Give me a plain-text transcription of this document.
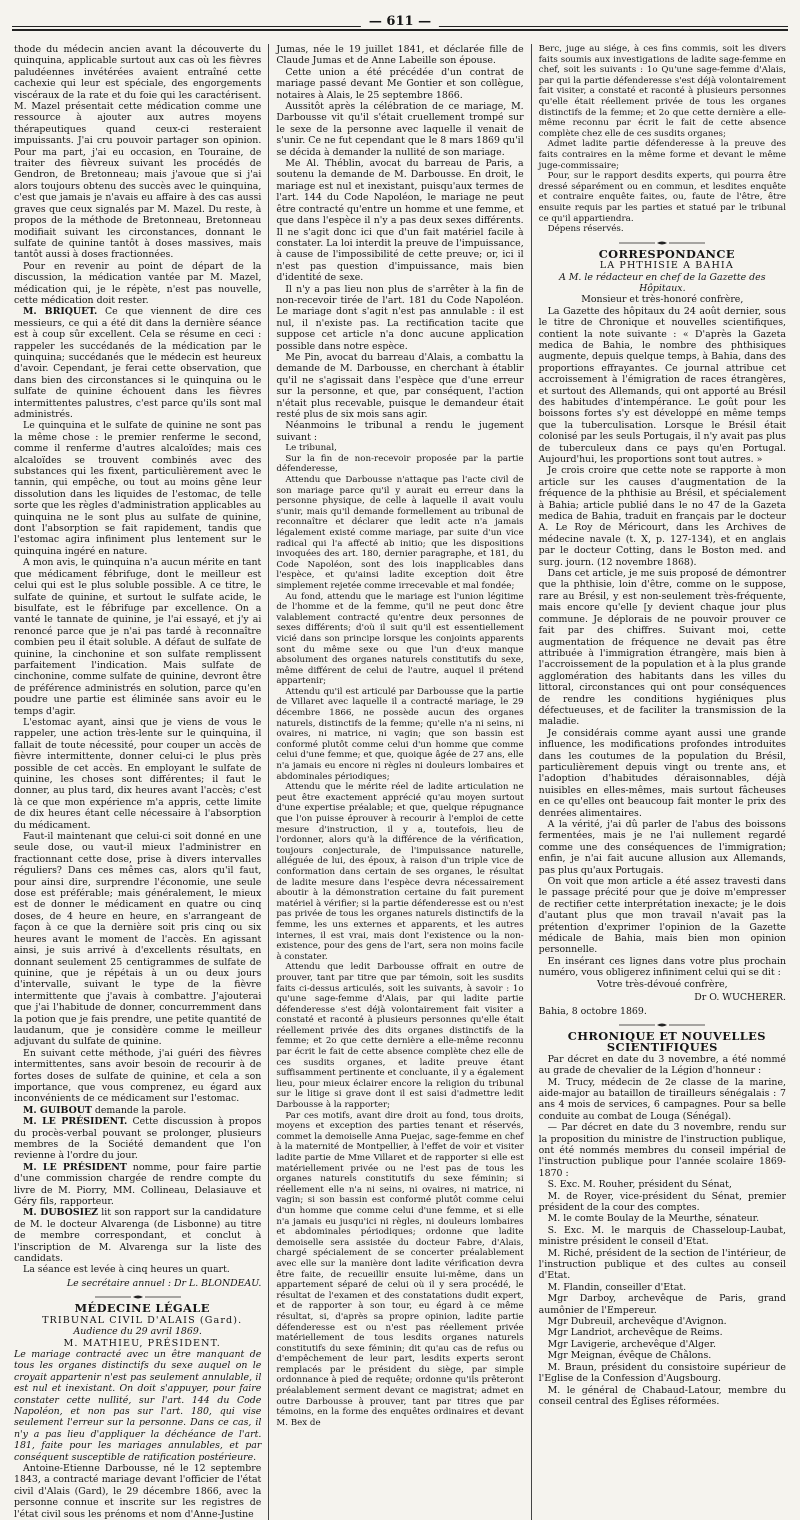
— 611 —

thode du médecin ancien avant la découverte du quinquina, applicable surtout aux cas où les fièvres paludéennes invétérées avaient entraîné cette cachexie qui leur est spéciale, des engorgements viscéraux de la rate et du foie qui les caractérisent. M. Mazel présentait cette médication comme une ressource à ajouter aux autres moyens thérapeutiques quand ceux-ci resteraient impuissants. J'ai cru pouvoir partager son opinion. Pour ma part, j'ai eu occasion, en Touraine, de traiter des fièvreux suivant les procédés de Gendron, de Bretonneau; mais j'avoue que si j'ai alors toujours obtenu des succès avec le quinquina, c'est que jamais je n'avais eu affaire à des cas aussi graves que ceux signalés par M. Mazel. Du reste, à propos de la méthode de Bretonneau, Bretonneau modifiait suivant les circonstances, donnant le sulfate de quinine tantôt à doses massives, mais tantôt aussi à doses fractionnées.

Pour en revenir au point de départ de la discussion, la médication vantée par M. Mazel, médication qui, je le répète, n'est pas nouvelle, cette médication doit rester.

M. BRIQUET. Ce que viennent de dire ces messieurs, ce qui a été dit dans la dernière séance est à coup sûr excellent. Cela se résume en ceci : rappeler les succédanés de la médication par le quinquina; succédanés que le médecin est heureux d'avoir. Cependant, je ferai cette observation, que dans bien des circonstances si le quinquina ou le sulfate de quinine échouent dans les fièvres intermittentes palustres, c'est parce qu'ils sont mal administrés.

Le quinquina et le sulfate de quinine ne sont pas la même chose : le premier renferme le second, comme il renferme d'autres alcaloïdes; mais ces alcaloïdes se trouvent combinés avec des substances qui les fixent, particulièrement avec le tannin, qui empêche, ou tout au moins gêne leur dissolution dans les liquides de l'estomac, de telle sorte que les règles d'administration applicables au quinquina ne le sont plus au sulfate de quinine, dont l'absorption se fait rapidement, tandis que l'estomac agira infiniment plus lentement sur le quinquina ingéré en nature.

A mon avis, le quinquina n'a aucun mérite en tant que médicament fébrifuge, dont le meilleur est celui qui est le plus soluble possible. A ce titre, le sulfate de quinine, et surtout le sulfate acide, le bisulfate, est le fébrifuge par excellence. On a vanté le tannate de quinine, je l'ai essayé, et j'y ai renoncé parce que je n'ai pas tardé à reconnaître combien peu il était soluble. A défaut de sulfate de quinine, la cinchonine et son sulfate remplissent parfaitement l'indication. Mais sulfate de cinchonine, comme sulfate de quinine, devront être de préférence administrés en solution, parce qu'en poudre une partie est éliminée sans avoir eu le temps d'agir.

L'estomac ayant, ainsi que je viens de vous le rappeler, une action très-lente sur le quinquina, il fallait de toute nécessité, pour couper un accès de fièvre intermittente, donner celui-ci le plus près possible de cet accès. En employant le sulfate de quinine, les choses sont différentes; il faut le donner, au plus tard, dix heures avant l'accès; c'est là ce que mon expérience m'a appris, cette limite de dix heures étant celle nécessaire à l'absorption du médicament.

Faut-il maintenant que celui-ci soit donné en une seule dose, ou vaut-il mieux l'administrer en fractionnant cette dose, prise à divers intervalles réguliers? Dans ces mêmes cas, alors qu'il faut, pour ainsi dire, surprendre l'économie, une seule dose est préférable; mais généralement, le mieux est de donner le médicament en quatre ou cinq doses, de 4 heure en heure, en s'arrangeant de façon à ce que la dernière soit pris cinq ou six heures avant le moment de l'accès. En agissant ainsi, je suis arrivé à d'excellents résultats, en donnant seulement 25 centigrammes de sulfate de quinine, que je répétais à un ou deux jours d'intervalle, suivant le type de la fièvre intermittente que j'avais à combattre. J'ajouterai que j'ai l'habitude de donner, concurremment dans la potion que je fais prendre, une petite quantité de laudanum, que je considère comme le meilleur adjuvant du sulfate de quinine.

En suivant cette méthode, j'ai guéri des fièvres intermittentes, sans avoir besoin de recourir à de fortes doses de sulfate de quinine, et cela a son importance, que vous comprenez, eu égard aux inconvénients de ce médicament sur l'estomac.

M. GUIBOUT demande la parole.

M. LE PRÉSIDENT. Cette discussion à propos du procès-verbal pouvant se prolonger, plusieurs membres de la Société demandent que l'on revienne à l'ordre du jour.

M. LE PRÉSIDENT nomme, pour faire partie d'une commission chargée de rendre compte du livre de M. Piorry, MM. Collineau, Delasiauve et Géry fils, rapporteur.

M. DUBOSIEZ lit son rapport sur la candidature de M. le docteur Alvarenga (de Lisbonne) au titre de membre correspondant, et conclut à l'inscription de M. Alvarenga sur la liste des candidats.

La séance est levée à cinq heures un quart.

Le secrétaire annuel : Dr L. BLONDEAU.

MÉDECINE LÉGALE

TRIBUNAL CIVIL D'ALAIS (Gard).

Audience du 29 avril 1869.

M. MATHIEU, PRÉSIDENT.

Le mariage contracté avec un être manquant de tous les organes distinctifs du sexe auquel on le croyait appartenir n'est pas seulement annulable, il est nul et inexistant. On doit s'appuyer, pour faire constater cette nullité, sur l'art. 144 du Code Napoléon, et non pas sur l'art. 180, qui vise seulement l'erreur sur la personne. Dans ce cas, il n'y a pas lieu d'appliquer la déchéance de l'art. 181, faite pour les mariages annulables, et par conséquent susceptible de ratification postérieure.

Antoine-Etienne Darbousse, né le 12 septembre 1843, a contracté mariage devant l'officier de l'état civil d'Alais (Gard), le 29 décembre 1866, avec la personne connue et inscrite sur les registres de l'état civil sous les prénoms et nom d'Anne-Justine

Jumas, née le 19 juillet 1841, et déclarée fille de Claude Jumas et de Anne Labeille son épouse.

Cette union a été précédée d'un contrat de mariage passé devant Me Gontier et son collègue, notaires à Alais, le 25 septembre 1866.

Aussitôt après la célébration de ce mariage, M. Darbousse vit qu'il s'était cruellement trompé sur le sexe de la personne avec laquelle il venait de s'unir. Ce ne fut cependant que le 8 mars 1869 qu'il se décida à demander la nullité de son mariage.

Me Al. Théblin, avocat du barreau de Paris, a soutenu la demande de M. Darbousse. En droit, le mariage est nul et inexistant, puisqu'aux termes de l'art. 144 du Code Napoléon, le mariage ne peut être contracté qu'entre un homme et une femme, et que dans l'espèce il n'y a pas deux sexes différents. Il ne s'agit donc ici que d'un fait matériel facile à constater. La loi interdit la preuve de l'impuissance, à cause de l'impossibilité de cette preuve; or, ici il n'est pas question d'impuissance, mais bien d'identité de sexe.

Il n'y a pas lieu non plus de s'arrêter à la fin de non-recevoir tirée de l'art. 181 du Code Napoléon. Le mariage dont s'agit n'est pas annulable : il est nul, il n'existe pas. La rectification tacite que suppose cet article n'a donc aucune application possible dans notre espèce.

Me Pin, avocat du barreau d'Alais, a combattu la demande de M. Darbousse, en cherchant à établir qu'il ne s'agissait dans l'espèce que d'une erreur sur la personne, et que, par conséquent, l'action n'était plus recevable, puisque le demandeur était resté plus de six mois sans agir.

Néanmoins le tribunal a rendu le jugement suivant :

Le tribunal,

Sur la fin de non-recevoir proposée par la partie défenderesse,

Attendu que Darbousse n'attaque pas l'acte civil de son mariage parce qu'il y aurait eu erreur dans la personne physique, de celle à laquelle il avait voulu s'unir, mais qu'il demande formellement au tribunal de reconnaître et déclarer que ledit acte n'a jamais légalement existé comme mariage, par suite d'un vice radical qui l'a affecté ab initio; que les dispositions invoquées des art. 180, dernier paragraphe, et 181, du Code Napoléon, sont des lois inapplicables dans l'espèce, et qu'ainsi ladite exception doit être simplement rejetée comme irrecevable et mal fondée;

Au fond, attendu que le mariage est l'union légitime de l'homme et de la femme, qu'il ne peut donc être valablement contracté qu'entre deux personnes de sexes différents; d'où il suit qu'il est essentiellement vicié dans son principe lorsque les conjoints apparents sont du même sexe ou que l'un d'eux manque absolument des organes naturels constitutifs du sexe, même différent de celui de l'autre, auquel il prétend appartenir;

Attendu qu'il est articulé par Darbousse que la partie de Villaret avec laquelle il a contracté mariage, le 29 décembre 1866, ne possède aucun des organes naturels, distinctifs de la femme; qu'elle n'a ni seins, ni ovaires, ni matrice, ni vagin; que son bassin est conformé plutôt comme celui d'un homme que comme celui d'une femme; et que, quoique âgée de 27 ans, elle n'a jamais eu encore ni règles ni douleurs lombaires et abdominales périodiques;

Attendu que le mérite réel de ladite articulation ne peut être exactement apprécié qu'au moyen surtout d'une expertise préalable; et que, quelque répugnance que l'on puisse éprouver à recourir à l'emploi de cette mesure d'instruction, il y a, toutefois, lieu de l'ordonner, alors qu'à la différence de la vérification, toujours conjecturale, de l'impuissance naturelle, alléguée de lui, des époux, à raison d'un triple vice de conformation dans certain de ses organes, le résultat de ladite mesure dans l'espèce devra nécessairement aboutir à la démonstration certaine du fait purement matériel à vérifier; si la partie défenderesse est ou n'est pas privée de tous les organes naturels distinctifs de la femme, les uns externes et apparents, et les autres internes, il est vrai, mais dont l'existence ou la non-existence, pour des gens de l'art, sera non moins facile à constater.

Attendu que ledit Darbousse offrait en outre de prouver, tant par titre que par témoin, soit les susdits faits ci-dessus articulés, soit les suivants, à savoir : 1o qu'une sage-femme d'Alais, par qui ladite partie défenderesse s'est déjà volontairement fait visiter a constaté et raconté à plusieurs personnes qu'elle était réellement privée des dits organes distinctifs de la femme; et 2o que cette dernière a elle-même reconnu par écrit le fait de cette absence complète chez elle de ces susdits organes, et ladite preuve étant suffisamment pertinente et concluante, il y a également lieu, pour mieux éclairer encore la religion du tribunal sur le litige si grave dont il est saisi d'admettre ledit Darbousse à la rapporter;

Par ces motifs, avant dire droit au fond, tous droits, moyens et exception des parties tenant et réservés, commet la demoiselle Anna Puejac, sage-femme en chef à la maternité de Montpellier, à l'effet de voir et visiter ladite partie de Mme Villaret et de rapporter si elle est matériellement privée ou ne l'est pas de tous les organes naturels constitutifs du sexe féminin; si réellement elle n'a ni seins, ni ovaires, ni matrice, ni vagin; si son bassin est conformé plutôt comme celui d'un homme que comme celui d'une femme, et si elle n'a jamais eu jusqu'ici ni règles, ni douleurs lombaires et abdominales périodiques; ordonne que ladite demoiselle sera assistée du docteur Fabre, d'Alais, chargé spécialement de se concerter préalablement avec elle sur la manière dont ladite vérification devra être faite, de recueillir ensuite lui-même, dans un appartement séparé de celui où il y sera procédé, le résultat de l'examen et des constatations dudit expert, et de rapporter à son tour, eu égard à ce même résultat, si, d'après sa propre opinion, ladite partie défenderesse est ou n'est pas réellement privée matériellement de tous lesdits organes naturels constitutifs du sexe féminin; dit qu'au cas de refus ou d'empêchement de leur part, lesdits experts seront remplacés par le président du siège, par simple ordonnance à pied de requête; ordonne qu'ils prêteront préalablement serment devant ce magistrat; admet en outre Darbousse à prouver, tant par titres que par témoins, en la forme des enquêtes ordinaires et devant M. Bex de

Berc, juge au siége, à ces fins commis, soit les divers faits soumis aux investigations de ladite sage-femme en chef, soit les suivants : 1o Qu'une sage-femme d'Alais, par qui la partie défenderesse s'est déjà volontairement fait visiter, a constaté et raconté à plusieurs personnes qu'elle était réellement privée de tous les organes distinctifs de la femme; et 2o que cette dernière a elle-même reconnu par écrit le fait de cette absence complète chez elle de ces susdits organes;

Admet ladite partie défenderesse à la preuve des faits contraires en la même forme et devant le même juge-commissaire;

Pour, sur le rapport desdits experts, qui pourra être dressé séparément ou en commun, et lesdites enquête et contraire enquête faites, ou, faute de l'être, être ensuite requis par les parties et statué par le tribunal ce qu'il appartiendra.

Dépens réservés.

CORRESPONDANCE

LA PHTHISIE A BAHIA

A M. le rédacteur en chef de la Gazette des Hôpitaux.

Monsieur et très-honoré confrère,

La Gazette des hôpitaux du 24 août dernier, sous le titre de Chronique et nouvelles scientifiques, contient la note suivante : « D'après la Gazeta medica de Bahia, le nombre des phthisiques augmente, depuis quelque temps, à Bahia, dans des proportions effrayantes. Ce journal attribue cet accroissement à l'émigration de races étrangères, et surtout des Allemands, qui ont apporté au Brésil des habitudes d'intempérance. Le goût pour les boissons fortes s'y est développé en même temps que la tuberculisation. Lorsque le Brésil était colonisé par les seuls Portugais, il n'y avait pas plus de tuberculeux dans ce pays qu'en Portugal. Aujourd'hui, les proportions sont tout autres. »

Je crois croire que cette note se rapporte à mon article sur les causes d'augmentation de la fréquence de la phthisie au Brésil, et spécialement à Bahia; article publié dans le no 47 de la Gazeta medica de Bahia, traduit en français par le docteur A. Le Roy de Méricourt, dans les Archives de médecine navale (t. X, p. 127-134), et en anglais par le docteur Cotting, dans le Boston med. and surg. journ. (12 novembre 1868).

Dans cet article, je me suis proposé de démontrer que la phthisie, loin d'être, comme on le suppose, rare au Brésil, y est non-seulement très-fréquente, mais encore qu'elle [y devient chaque jour plus commune. Je déplorais de ne pouvoir prouver ce fait par des chiffres. Suivant moi, cette augmentation de fréquence ne devait pas être attribuée à l'immigration étrangère, mais bien à l'accroissement de la population et à la plus grande agglomération des habitants dans les villes du littoral, circonstances qui ont pour conséquences de rendre les conditions hygiéniques plus défectueuses, et de faciliter la transmission de la maladie.

Je considérais comme ayant aussi une grande influence, les modifications profondes introduites dans les coutumes de la population du Brésil, particulièrement depuis vingt ou trente ans, et l'adoption d'habitudes déraisonnables, déjà nuisibles en elles-mêmes, mais surtout fâcheuses en ce qu'elles ont beaucoup fait monter le prix des denrées alimentaires.

A la vérité, j'ai dû parler de l'abus des boissons fermentées, mais je ne l'ai nullement regardé comme une des conséquences de l'immigration; enfin, je n'ai fait aucune allusion aux Allemands, pas plus qu'aux Portugais.

On voit que mon article a été assez travesti dans le passage précité pour que je doive m'empresser de rectifier cette interprétation inexacte; je le dois d'autant plus que mon travail n'avait pas la prétention d'exprimer l'opinion de la Gazette médicale de Bahia, mais bien mon opinion personnelle.

En insérant ces lignes dans votre plus prochain numéro, vous obligerez infiniment celui qui se dit :

Votre très-dévoué confrère,

Dr O. WUCHERER.

Bahia, 8 octobre 1869.

CHRONIQUE ET NOUVELLES SCIENTIFIQUES

Par décret en date du 3 novembre, a été nommé au grade de chevalier de la Légion d'honneur :

M. Trucy, médecin de 2e classe de la marine, aide-major au bataillon de tirailleurs sénégalais : 7 ans 4 mois de services, 6 campagnes. Pour sa belle conduite au combat de Louga (Sénégal).

— Par décret en date du 3 novembre, rendu sur la proposition du ministre de l'instruction publique, ont été nommés membres du conseil impérial de l'instruction publique pour l'année scolaire 1869-1870 :

S. Exc. M. Rouher, président du Sénat,

M. de Royer, vice-président du Sénat, premier président de la cour des comptes.

M. le comte Boulay de la Meurthe, sénateur.

S. Exc. M. le marquis de Chasseloup-Laubat, ministre président le conseil d'Etat.

M. Riché, président de la section de l'intérieur, de l'instruction publique et des cultes au conseil d'Etat.

M. Flandin, conseiller d'Etat.

Mgr Darboy, archevêque de Paris, grand aumônier de l'Empereur.

Mgr Dubreuil, archevêque d'Avignon.

Mgr Landriot, archevêque de Reims.

Mgr Lavigerie, archevêque d'Alger.

Mgr Meignan, évêque de Châlons.

M. Braun, président du consistoire supérieur de l'Eglise de la Confession d'Augsbourg.

M. le général de Chabaud-Latour, membre du conseil central des Églises réformées.
